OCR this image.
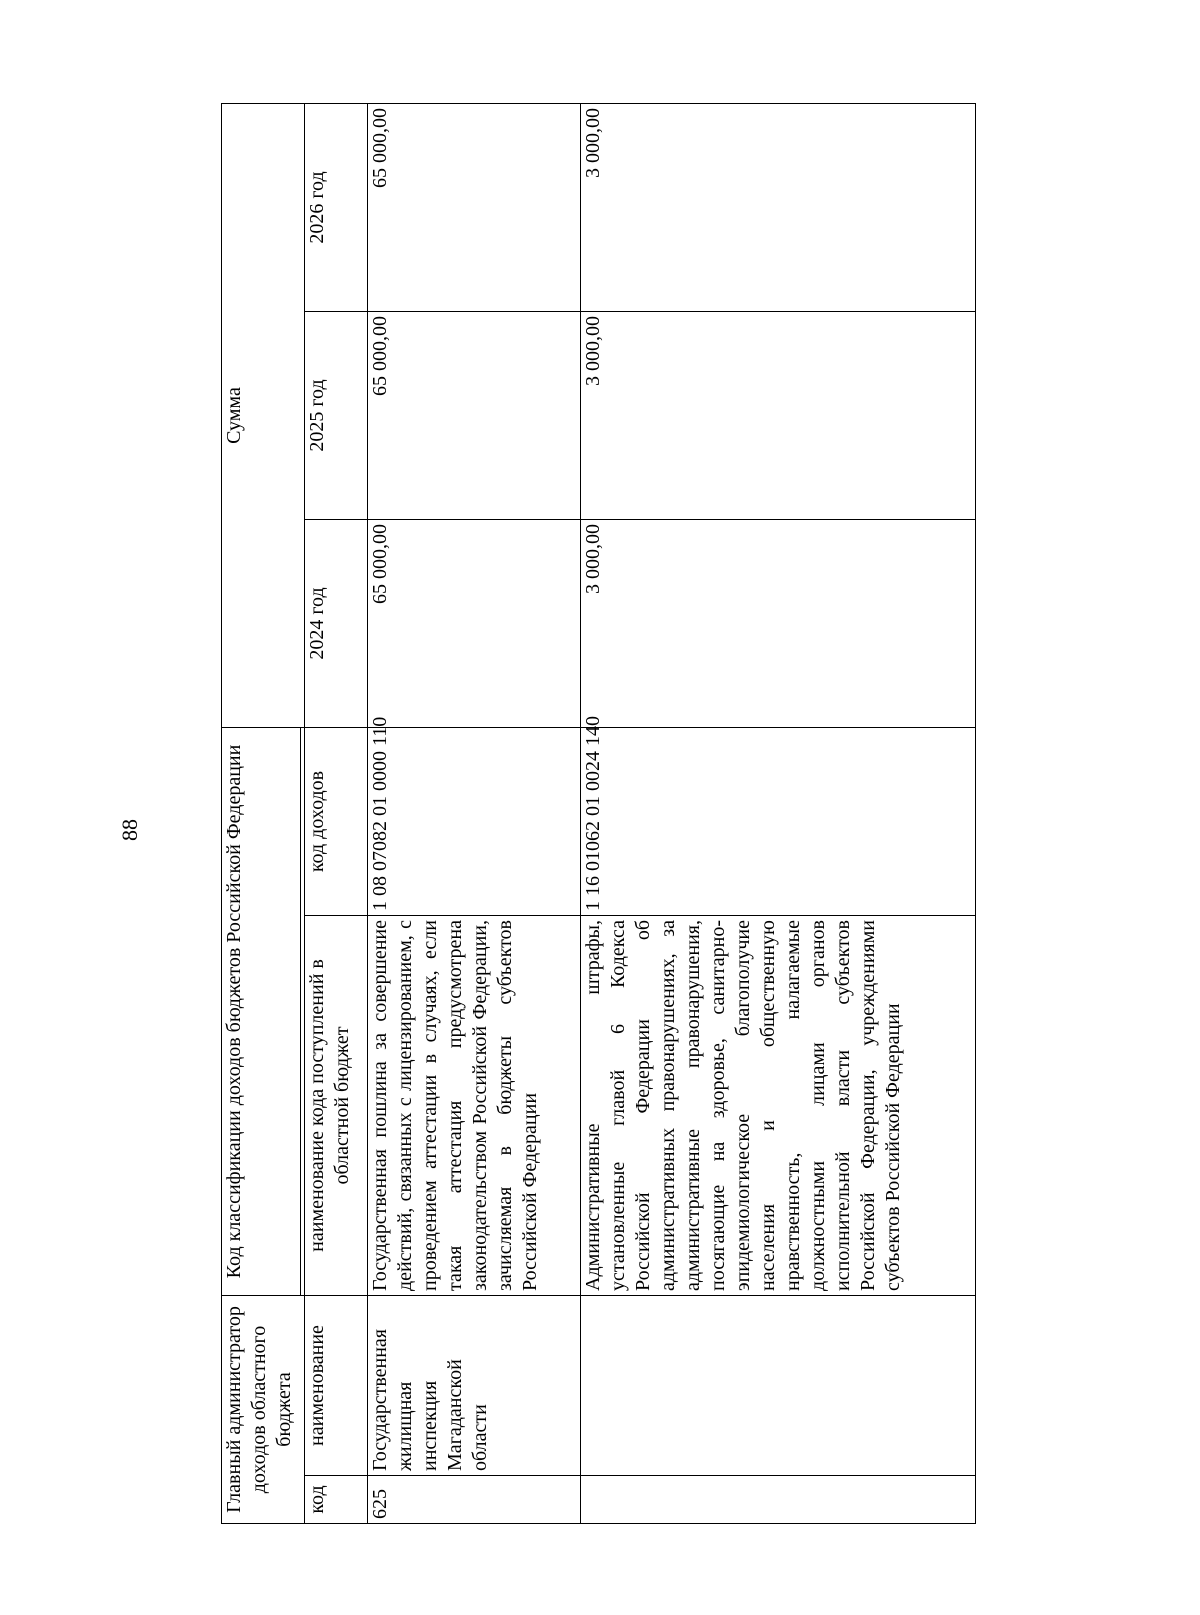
88
Главный администратор доходов областного бюджета		Код классификации доходов бюджетов Российской Федерации		Сумма		

код	наименование	наименование кода поступлений в областной бюджет	код доходов	2024 год	2025 год	2026 год
625	Государственная жилищная инспекция Магаданской области	Государственная пошлина за совершение действий, связанных с лицензированием, с проведением аттестации в случаях, если такая аттестация предусмотрена законодательством Российской Федерации, зачисляемая в бюджеты субъектов Российской Федерации	1 08 07082 01 0000 110	65 000,00	65 000,00	65 000,00
		Административные штрафы, установленные главой 6 Кодекса Российской Федерации об административных правонарушениях, за административные правонарушения, посягающие на здоровье, санитарно-эпидемиологическое благополучие населения и общественную нравственность, налагаемые должностными лицами органов исполнительной власти субъектов Российской Федерации, учреждениями субъектов Российской Федерации	1 16 01062 01 0024 140	3 000,00	3 000,00	3 000,00
